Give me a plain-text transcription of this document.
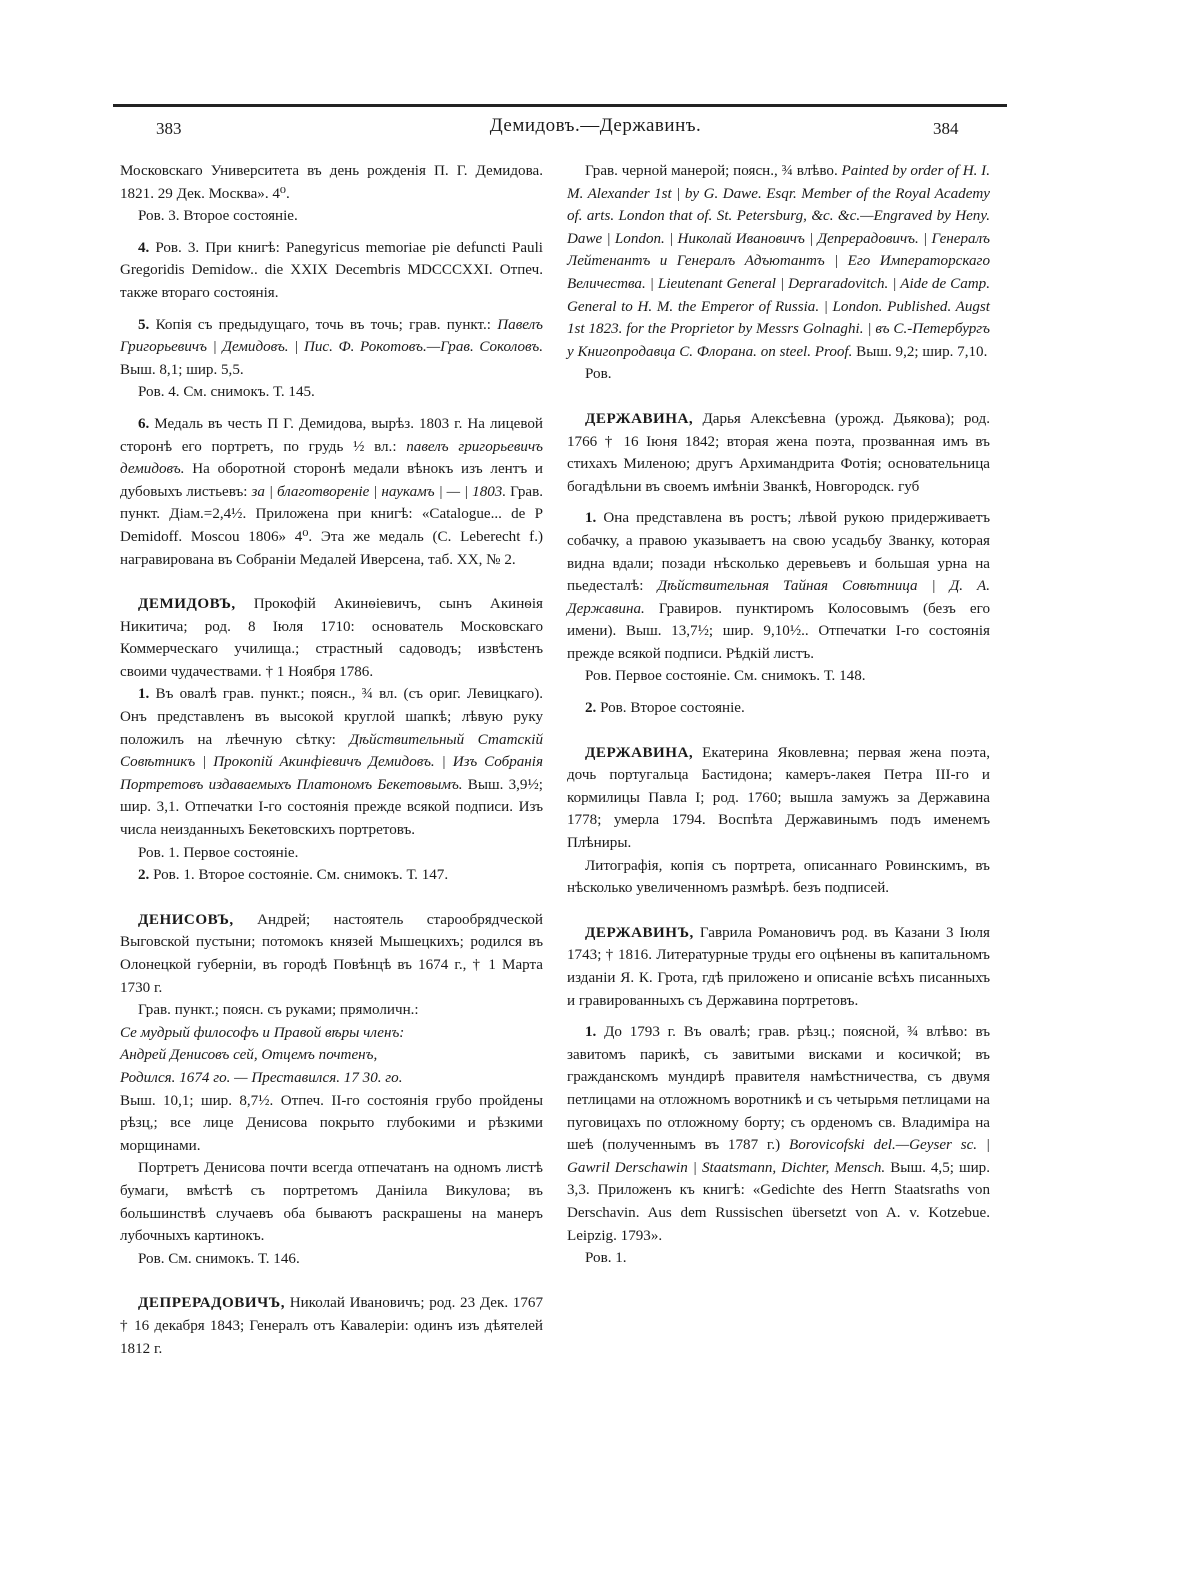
383	Демидовъ.—Державинъ.	384

Московскаго Университета въ день рожденія П. Г. Демидова. 1821. 29 Дек. Москва». 4⁰.

Ров. 3. Второе состояніе.

4. Ров. 3. При книгѣ: Panegyricus memoriae pie defuncti Pauli Gregoridis Demidow.. die XXIX Decembris MDCCCXXI. Отпеч. также втораго состоянія.

5. Копія съ предыдущаго, точь въ точь; грав. пункт.: Павелъ Григорьевичъ | Демидовъ. | Пис. Ф. Рокотовъ.—Грав. Соколовъ. Выш. 8,1; шир. 5,5.

Ров. 4. См. снимокъ. Т. 145.

6. Медаль въ честь П Г. Демидова, вырѣз. 1803 г. На лицевой сторонѣ его портретъ, по грудь ½ вл.: павелъ григорьевичъ демидовъ. На оборотной сторонѣ медали вѣнокъ изъ лентъ и дубовыхъ листьевъ: за | благотвореніе | наукамъ | — | 1803. Грав. пункт. Діам.=2,4½. Приложена при книгѣ: «Catalogue... de P Demidoff. Moscou 1806» 4⁰. Эта же медаль (С. Leberecht f.) награвирована въ Собраніи Медалей Иверсена, таб. XX, № 2.

ДЕМИДОВЪ, Прокофій Акинѳіевичъ, сынъ Акинѳія Никитича; род. 8 Іюля 1710: основатель Московскаго Коммерческаго училища.; страстный садоводъ; извѣстенъ своими чудачествами. † 1 Ноября 1786.

1. Въ овалѣ грав. пункт.; поясн., ¾ вл. (съ ориг. Левицкаго). Онъ представленъ въ высокой круглой шапкѣ; лѣвую руку положилъ на лѣечную сѣтку: Дѣйствительный Статскій Совѣтникъ | Прокопій Акинфіевичъ Демидовъ. | Изъ Собранія Портретовъ издаваемыхъ Платономъ Бекетовымъ. Выш. 3,9½; шир. 3,1. Отпечатки I-го состоянія прежде всякой подписи. Изъ числа неизданныхъ Бекетовскихъ портретовъ.

Ров. 1. Первое состояніе.

2. Ров. 1. Второе состояніе. См. снимокъ. Т. 147.

ДЕНИСОВЪ, Андрей; настоятель старообрядческой Выговской пустыни; потомокъ князей Мышецкихъ; родился въ Олонецкой губерніи, въ городѣ Повѣнцѣ въ 1674 г., † 1 Марта 1730 г.

Грав. пункт.; поясн. съ руками; прямоличн.:

Се мудрый философъ и Правой вѣры членъ:

Андрей Денисовъ сей, Отцемъ почтенъ,

Родился. 1674 го. — Преставился. 17 30. го.

Выш. 10,1; шир. 8,7½. Отпеч. II-го состоянія грубо пройдены рѣзц,; все лице Денисова покрыто глубокими и рѣзкими морщинами.

Портретъ Денисова почти всегда отпечатанъ на одномъ листѣ бумаги, вмѣстѣ съ портретомъ Даніила Викулова; въ большинствѣ случаевъ оба бываютъ раскрашены на манеръ лубочныхъ картинокъ.

Ров. См. снимокъ. Т. 146.

ДЕПРЕРАДОВИЧЪ, Николай Ивановичъ; род. 23 Дек. 1767 † 16 декабря 1843; Генералъ отъ Кавалеріи: одинъ изъ дѣятелей 1812 г.

Грав. черной манерой; поясн., ¾ влѣво. Painted by order of H. I. M. Alexander 1st | by G. Dawe. Esqr. Member of the Royal Academy of. arts. London that of. St. Petersburg, &c. &c.—Engraved by Heny. Dawe | London. | Николай Ивановичъ | Депрерадовичъ. | Генералъ Лейтенантъ и Генералъ Адъютантъ | Его Императорскаго Величества. | Lieutenant General | Depraradovitch. | Aide de Camp. General to H. M. the Emperor of Russia. | London. Published. Augst 1st 1823. for the Proprietor by Messrs Golnaghi. | въ С.-Петербургъ у Книгопродавца С. Флорана. on steel. Proof. Выш. 9,2; шир. 7,10.

Ров.

ДЕРЖАВИНА, Дарья Алексѣевна (урожд. Дьякова); род. 1766 † 16 Іюня 1842; вторая жена поэта, прозванная имъ въ стихахъ Миленою; другъ Архимандрита Фотія; основательница богадѣльни въ своемъ имѣніи Званкѣ, Новгородск. губ

1. Она представлена въ ростъ; лѣвой рукою придерживаетъ собачку, а правою указываетъ на свою усадьбу Званку, которая видна вдали; позади нѣсколько деревьевъ и большая урна на пьедесталѣ: Дѣйствительная Тайная Совѣтница | Д. А. Державина. Гравиров. пунктиромъ Колосовымъ (безъ его имени). Выш. 13,7½; шир. 9,10½.. Отпечатки I-го состоянія прежде всякой подписи. Рѣдкій листъ.

Ров. Первое состояніе. См. снимокъ. Т. 148.

2. Ров. Второе состояніе.

ДЕРЖАВИНА, Екатерина Яковлевна; первая жена поэта, дочь португальца Бастидона; камеръ-лакея Петра III-го и кормилицы Павла I; род. 1760; вышла замужъ за Державина 1778; умерла 1794. Воспѣта Державинымъ подъ именемъ Плѣниры.

Литографія, копія съ портрета, описаннаго Ровинскимъ, въ нѣсколько увеличенномъ размѣрѣ. безъ подписей.

ДЕРЖАВИНЪ, Гаврила Романовичъ род. въ Казани 3 Іюля 1743; † 1816. Литературные труды его оцѣнены въ капитальномъ изданіи Я. К. Грота, гдѣ приложено и описаніе всѣхъ писанныхъ и гравированныхъ съ Державина портретовъ.

1. До 1793 г. Въ овалѣ; грав. рѣзц.; поясной, ¾ влѣво: въ завитомъ парикѣ, съ завитыми висками и косичкой; въ гражданскомъ мундирѣ правителя намѣстничества, съ двумя петлицами на отложномъ воротникѣ и съ четырьмя петлицами на пуговицахъ по отложному борту; съ орденомъ св. Владиміра на шеѣ (полученнымъ въ 1787 г.) Borovicofski del.—Geyser sc. | Gawril Derschawin | Staatsmann, Dichter, Mensch. Выш. 4,5; шир. 3,3. Приложенъ къ книгѣ: «Gedichte des Herrn Staatsraths von Derschavin. Aus dem Russischen übersetzt von A. v. Kotzebue. Leipzig. 1793».

Ров. 1.
